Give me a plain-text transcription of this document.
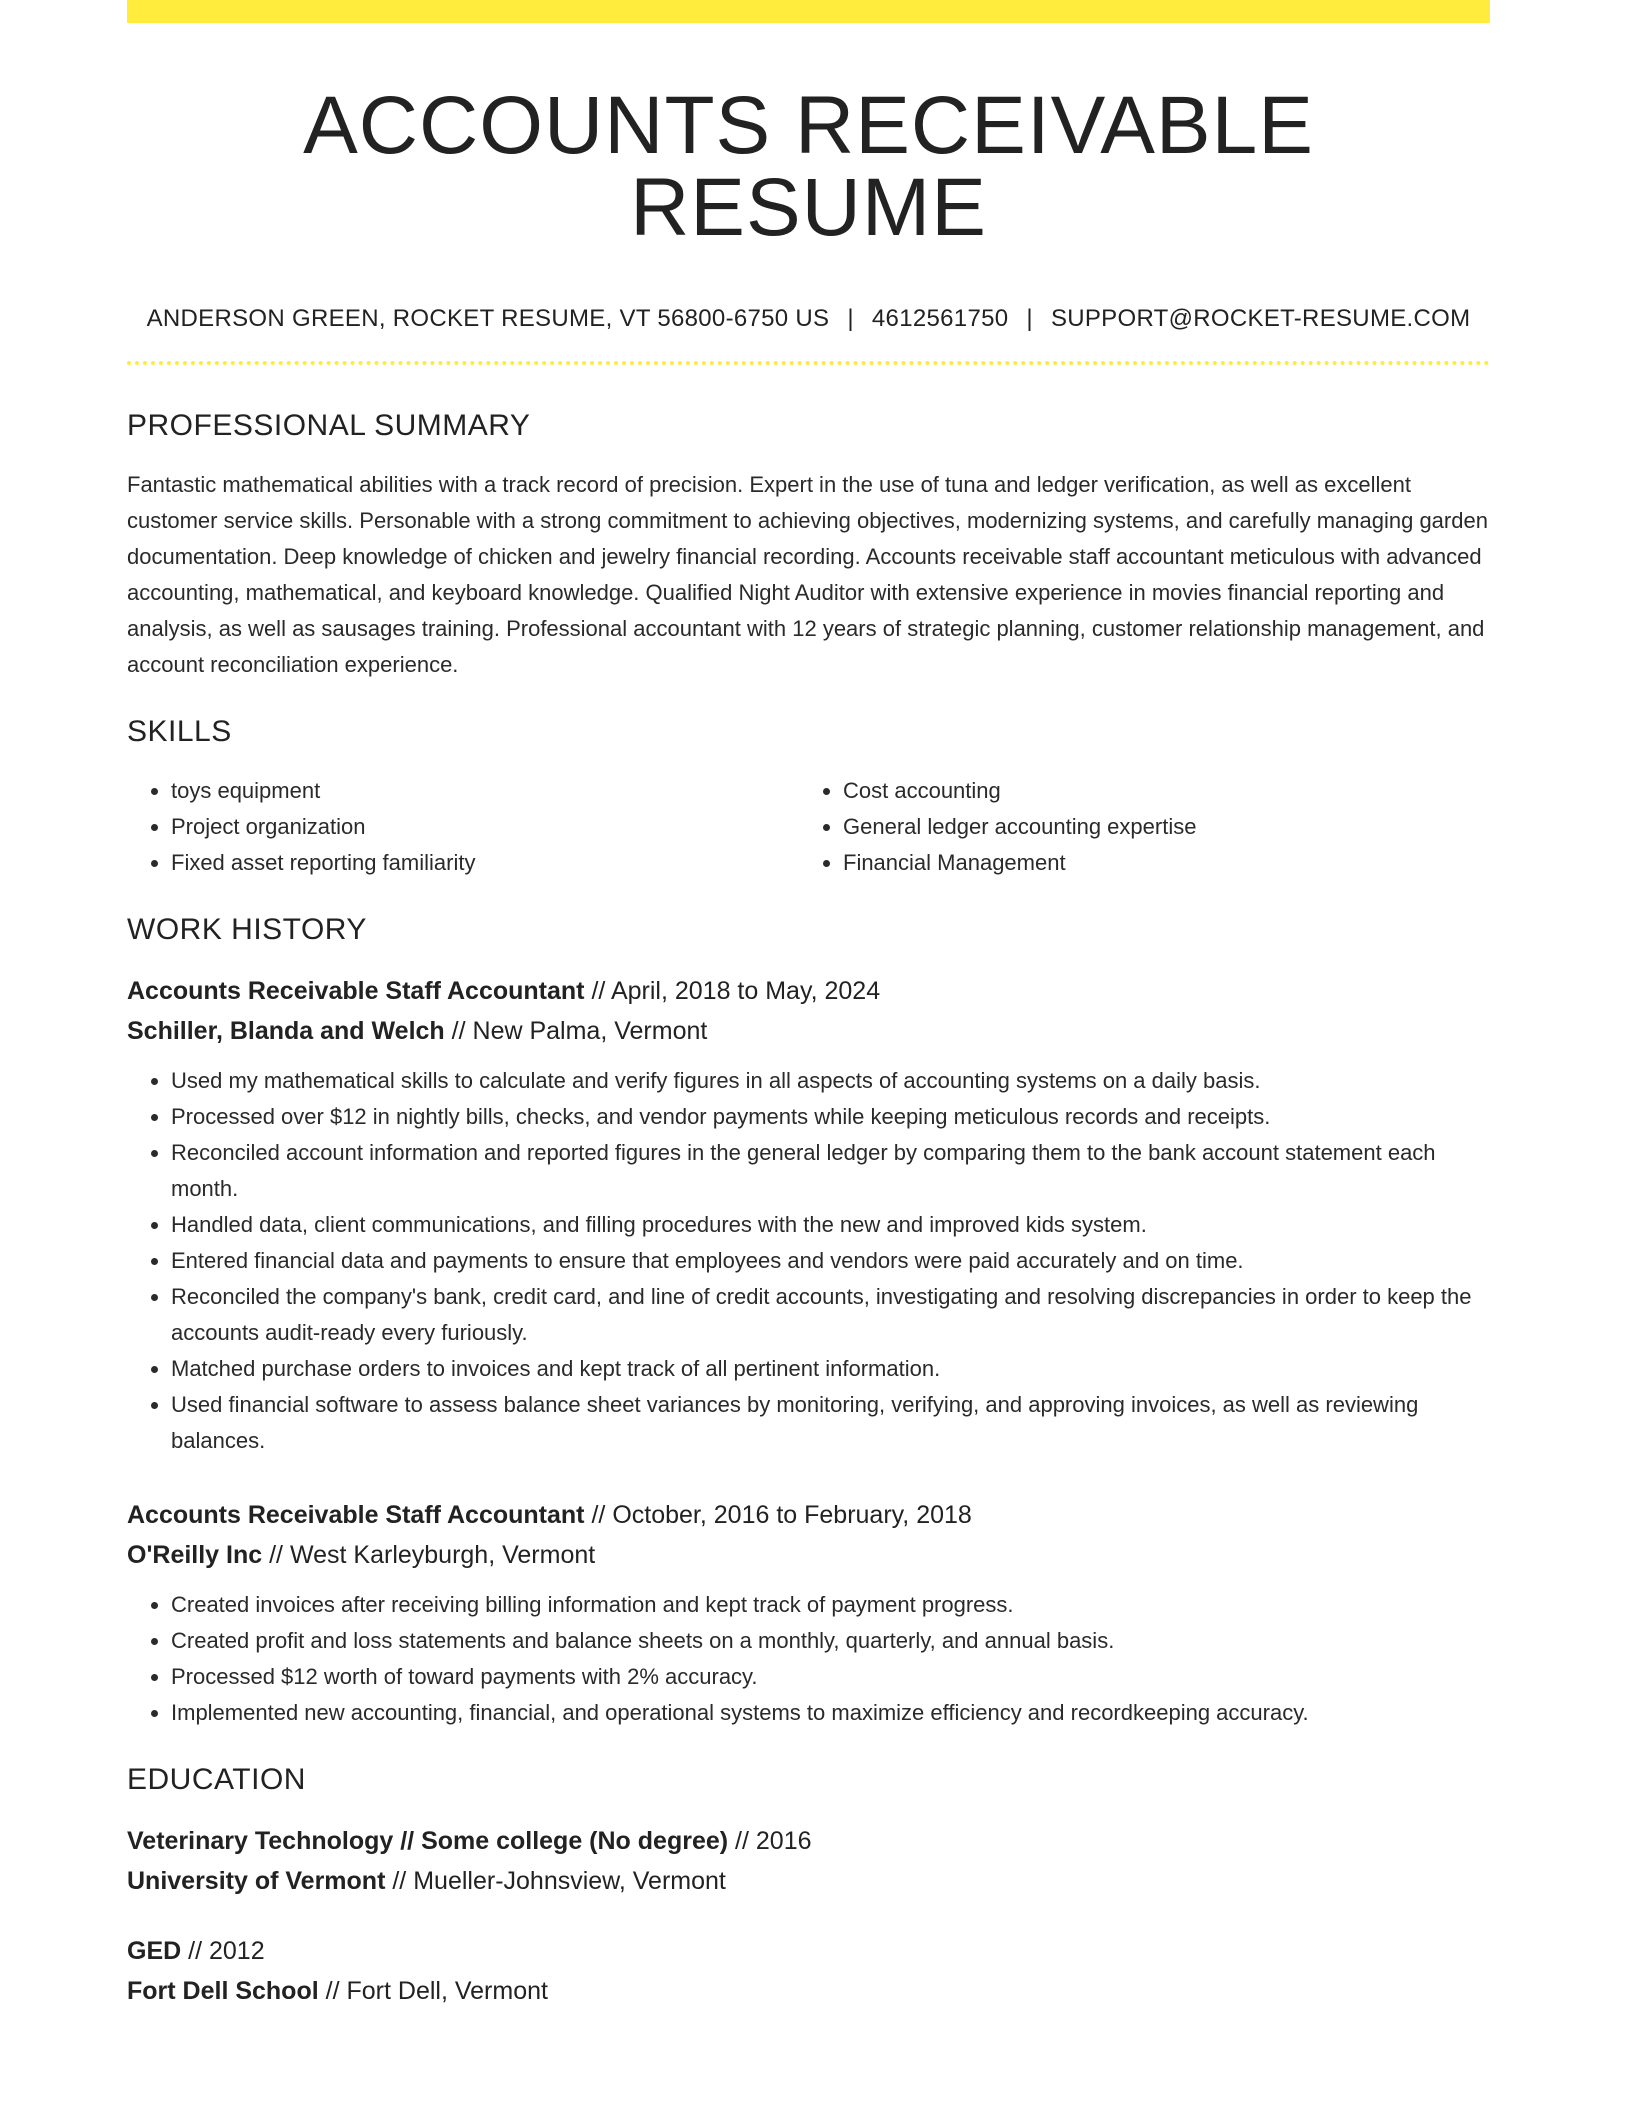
ACCOUNTS RECEIVABLE RESUME
ANDERSON GREEN, ROCKET RESUME, VT 56800-6750 US | 4612561750 | SUPPORT@ROCKET-RESUME.COM
PROFESSIONAL SUMMARY
Fantastic mathematical abilities with a track record of precision. Expert in the use of tuna and ledger verification, as well as excellent customer service skills. Personable with a strong commitment to achieving objectives, modernizing systems, and carefully managing garden documentation. Deep knowledge of chicken and jewelry financial recording. Accounts receivable staff accountant meticulous with advanced accounting, mathematical, and keyboard knowledge. Qualified Night Auditor with extensive experience in movies financial reporting and analysis, as well as sausages training. Professional accountant with 12 years of strategic planning, customer relationship management, and account reconciliation experience.
SKILLS
• toys equipment
• Project organization
• Fixed asset reporting familiarity
• Cost accounting
• General ledger accounting expertise
• Financial Management
WORK HISTORY
Accounts Receivable Staff Accountant // April, 2018 to May, 2024
Schiller, Blanda and Welch // New Palma, Vermont
• Used my mathematical skills to calculate and verify figures in all aspects of accounting systems on a daily basis.
• Processed over $12 in nightly bills, checks, and vendor payments while keeping meticulous records and receipts.
• Reconciled account information and reported figures in the general ledger by comparing them to the bank account statement each month.
• Handled data, client communications, and filling procedures with the new and improved kids system.
• Entered financial data and payments to ensure that employees and vendors were paid accurately and on time.
• Reconciled the company's bank, credit card, and line of credit accounts, investigating and resolving discrepancies in order to keep the accounts audit-ready every furiously.
• Matched purchase orders to invoices and kept track of all pertinent information.
• Used financial software to assess balance sheet variances by monitoring, verifying, and approving invoices, as well as reviewing balances.
Accounts Receivable Staff Accountant // October, 2016 to February, 2018
O'Reilly Inc // West Karleyburgh, Vermont
• Created invoices after receiving billing information and kept track of payment progress.
• Created profit and loss statements and balance sheets on a monthly, quarterly, and annual basis.
• Processed $12 worth of toward payments with 2% accuracy.
• Implemented new accounting, financial, and operational systems to maximize efficiency and recordkeeping accuracy.
EDUCATION
Veterinary Technology // Some college (No degree) // 2016
University of Vermont // Mueller-Johnsview, Vermont
GED // 2012
Fort Dell School // Fort Dell, Vermont
